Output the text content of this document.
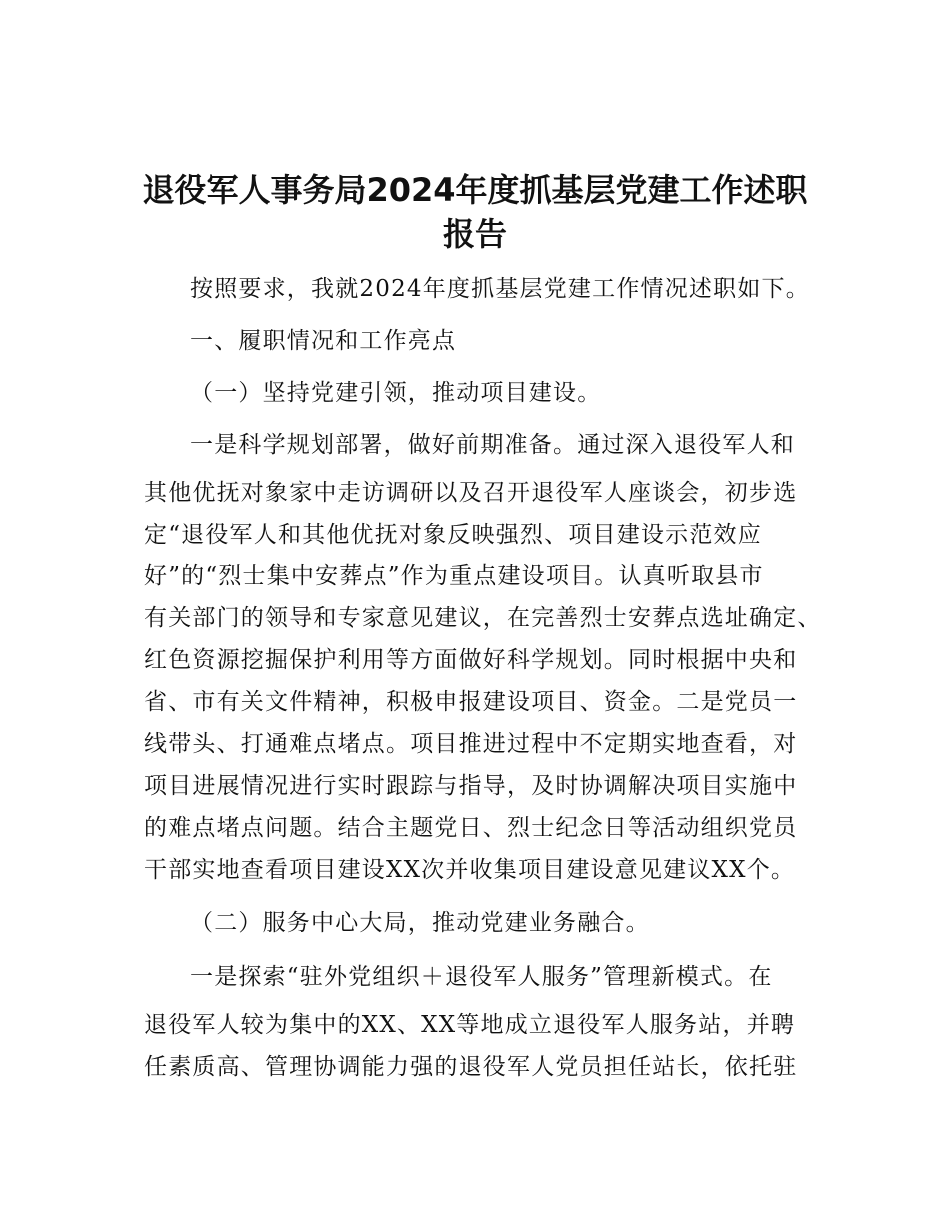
退役军人事务局2024年度抓基层党建工作述职
报告
按照要求，我就2024年度抓基层党建工作情况述职如下。
一、履职情况和工作亮点
（一）坚持党建引领，推动项目建设。
一是科学规划部署，做好前期准备。通过深入退役军人和
其他优抚对象家中走访调研以及召开退役军人座谈会，初步选
定“退役军人和其他优抚对象反映强烈、项目建设示范效应
好”的“烈士集中安葬点”作为重点建设项目。认真听取县市
有关部门的领导和专家意见建议，在完善烈士安葬点选址确定、
红色资源挖掘保护利用等方面做好科学规划。同时根据中央和
省、市有关文件精神，积极申报建设项目、资金。二是党员一
线带头、打通难点堵点。项目推进过程中不定期实地查看，对
项目进展情况进行实时跟踪与指导，及时协调解决项目实施中
的难点堵点问题。结合主题党日、烈士纪念日等活动组织党员
干部实地查看项目建设XX次并收集项目建设意见建议XX个。
（二）服务中心大局，推动党建业务融合。
一是探索“驻外党组织＋退役军人服务”管理新模式。在
退役军人较为集中的XX、XX等地成立退役军人服务站，并聘
任素质高、管理协调能力强的退役军人党员担任站长，依托驻
